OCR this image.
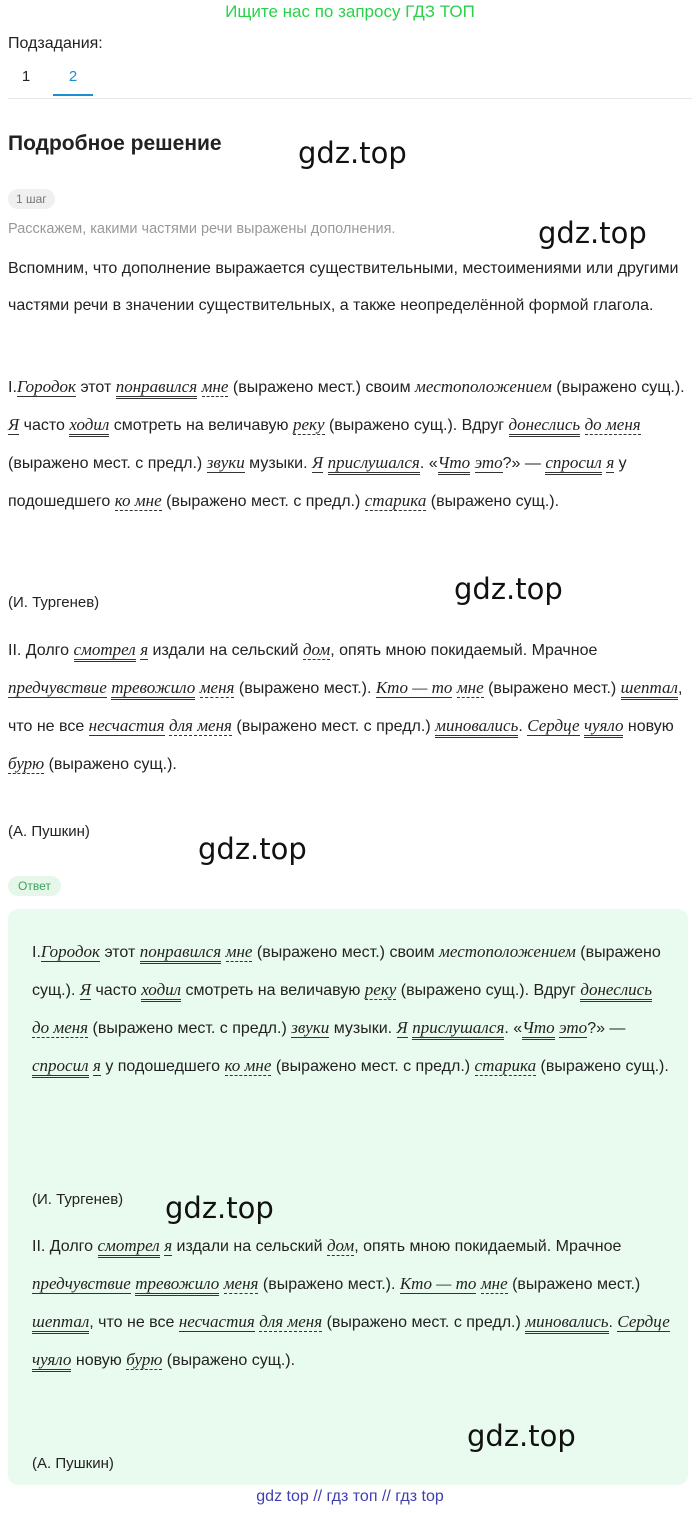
Ищите нас по запросу ГДЗ ТОП
Подзадания:
1	2
Подробное решение
1 шаг
Расскажем, какими частями речи выражены дополнения.

Вспомним, что дополнение выражается существительными, местоимениями или другими частями речи в значении существительных, а также неопределённой формой глагола.

I.Городок этот понравился мне (выражено мест.) своим местоположением (выражено сущ.). Я часто ходил смотреть на величавую реку (выражено сущ.). Вдруг донеслись до меня (выражено мест. с предл.) звуки музыки. Я прислушался. «Что это?» — спросил я у подошедшего ко мне (выражено мест. с предл.) старика (выражено сущ.).

(И. Тургенев)

II. Долго смотрел я издали на сельский дом, опять мною покидаемый. Мрачное предчувствие тревожило меня (выражено мест.). Кто — то мне (выражено мест.) шептал, что не все несчастия для меня (выражено мест. с предл.) миновались. Сердце чуяло новую бурю (выражено сущ.).

(А. Пушкин)
Ответ

I.Городок этот понравился мне (выражено мест.) своим местоположением (выражено сущ.). Я часто ходил смотреть на величавую реку (выражено сущ.). Вдруг донеслись до меня (выражено мест. с предл.) звуки музыки. Я прислушался. «Что это?» — спросил я у подошедшего ко мне (выражено мест. с предл.) старика (выражено сущ.).

(И. Тургенев)

II. Долго смотрел я издали на сельский дом, опять мною покидаемый. Мрачное предчувствие тревожило меня (выражено мест.). Кто — то мне (выражено мест.) шептал, что не все несчастия для меня (выражено мест. с предл.) миновались. Сердце чуяло новую бурю (выражено сущ.).

(А. Пушкин)
gdz.top
gdz.top
gdz.top
gdz.top
gdz.top
gdz.top
gdz top // гдз топ // гдз top
